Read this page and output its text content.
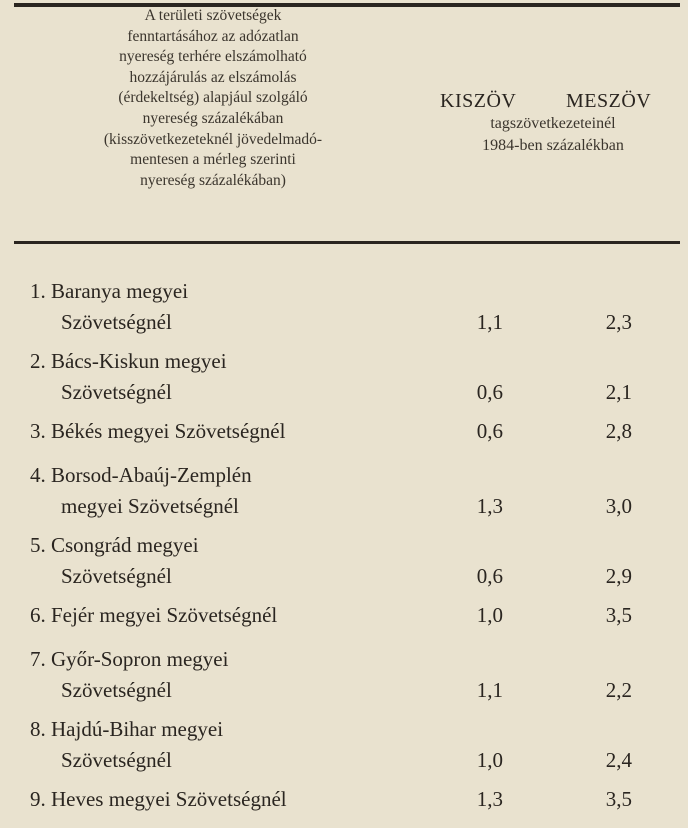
A területi szövetségek
fenntartásához az adózatlan
nyereség terhére elszámolható
hozzájárulás az elszámolás
(érdekeltség) alapjául szolgáló
nyereség százalékában
(kisszövetkezeteknél jövedelmadó-
mentesen a mérleg szerinti
nyereség százalékában)
KISZÖV MESZÖV
tagszövetkezeteinél
1984-ben százalékban
1. Baranya megyei
Szövetségnél	1,1	2,3
2. Bács-Kiskun megyei
Szövetségnél	0,6	2,1
3. Békés megyei Szövetségnél	0,6	2,8
4. Borsod-Abaúj-Zemplén
megyei Szövetségnél	1,3	3,0
5. Csongrád megyei
Szövetségnél	0,6	2,9
6. Fejér megyei Szövetségnél	1,0	3,5
7. Győr-Sopron megyei
Szövetségnél	1,1	2,2
8. Hajdú-Bihar megyei
Szövetségnél	1,0	2,4
9. Heves megyei Szövetségnél	1,3	3,5
